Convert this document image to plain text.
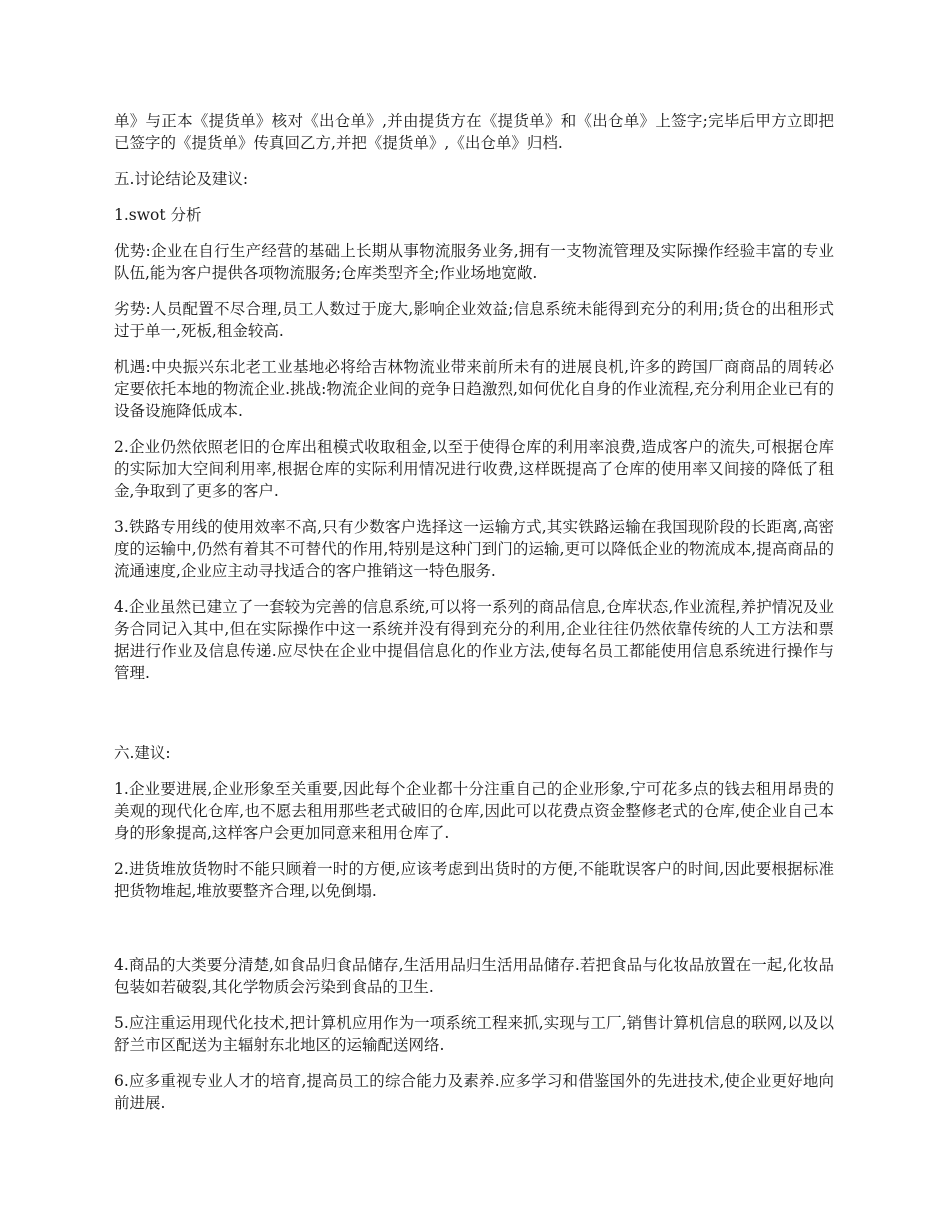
单》与正本《提货单》核对《出仓单》,并由提货方在《提货单》和《出仓单》上签字;完毕后甲方立即把已签字的《提货单》传真回乙方,并把《提货单》,《出仓单》归档.

五.讨论结论及建议:

1.swot 分析

优势:企业在自行生产经营的基础上长期从事物流服务业务,拥有一支物流管理及实际操作经验丰富的专业队伍,能为客户提供各项物流服务;仓库类型齐全;作业场地宽敞.

劣势:人员配置不尽合理,员工人数过于庞大,影响企业效益;信息系统未能得到充分的利用;货仓的出租形式过于单一,死板,租金较高.

机遇:中央振兴东北老工业基地必将给吉林物流业带来前所未有的进展良机,许多的跨国厂商商品的周转必定要依托本地的物流企业.挑战:物流企业间的竞争日趋激烈,如何优化自身的作业流程,充分利用企业已有的设备设施降低成本.

2.企业仍然依照老旧的仓库出租模式收取租金,以至于使得仓库的利用率浪费,造成客户的流失,可根据仓库的实际加大空间利用率,根据仓库的实际利用情况进行收费,这样既提高了仓库的使用率又间接的降低了租金,争取到了更多的客户.

3.铁路专用线的使用效率不高,只有少数客户选择这一运输方式,其实铁路运输在我国现阶段的长距离,高密度的运输中,仍然有着其不可替代的作用,特别是这种门到门的运输,更可以降低企业的物流成本,提高商品的流通速度,企业应主动寻找适合的客户推销这一特色服务.

4.企业虽然已建立了一套较为完善的信息系统,可以将一系列的商品信息,仓库状态,作业流程,养护情况及业务合同记入其中,但在实际操作中这一系统并没有得到充分的利用,企业往往仍然依靠传统的人工方法和票据进行作业及信息传递.应尽快在企业中提倡信息化的作业方法,使每名员工都能使用信息系统进行操作与管理.

六.建议:

1.企业要进展,企业形象至关重要,因此每个企业都十分注重自己的企业形象,宁可花多点的钱去租用昂贵的美观的现代化仓库,也不愿去租用那些老式破旧的仓库,因此可以花费点资金整修老式的仓库,使企业自己本身的形象提高,这样客户会更加同意来租用仓库了.

2.进货堆放货物时不能只顾着一时的方便,应该考虑到出货时的方便,不能耽误客户的时间,因此要根据标准把货物堆起,堆放要整齐合理,以免倒塌.

4.商品的大类要分清楚,如食品归食品储存,生活用品归生活用品储存.若把食品与化妆品放置在一起,化妆品包装如若破裂,其化学物质会污染到食品的卫生.

5.应注重运用现代化技术,把计算机应用作为一项系统工程来抓,实现与工厂,销售计算机信息的联网,以及以舒兰市区配送为主辐射东北地区的运输配送网络.

6.应多重视专业人才的培育,提高员工的综合能力及素养.应多学习和借鉴国外的先进技术,使企业更好地向前进展.
